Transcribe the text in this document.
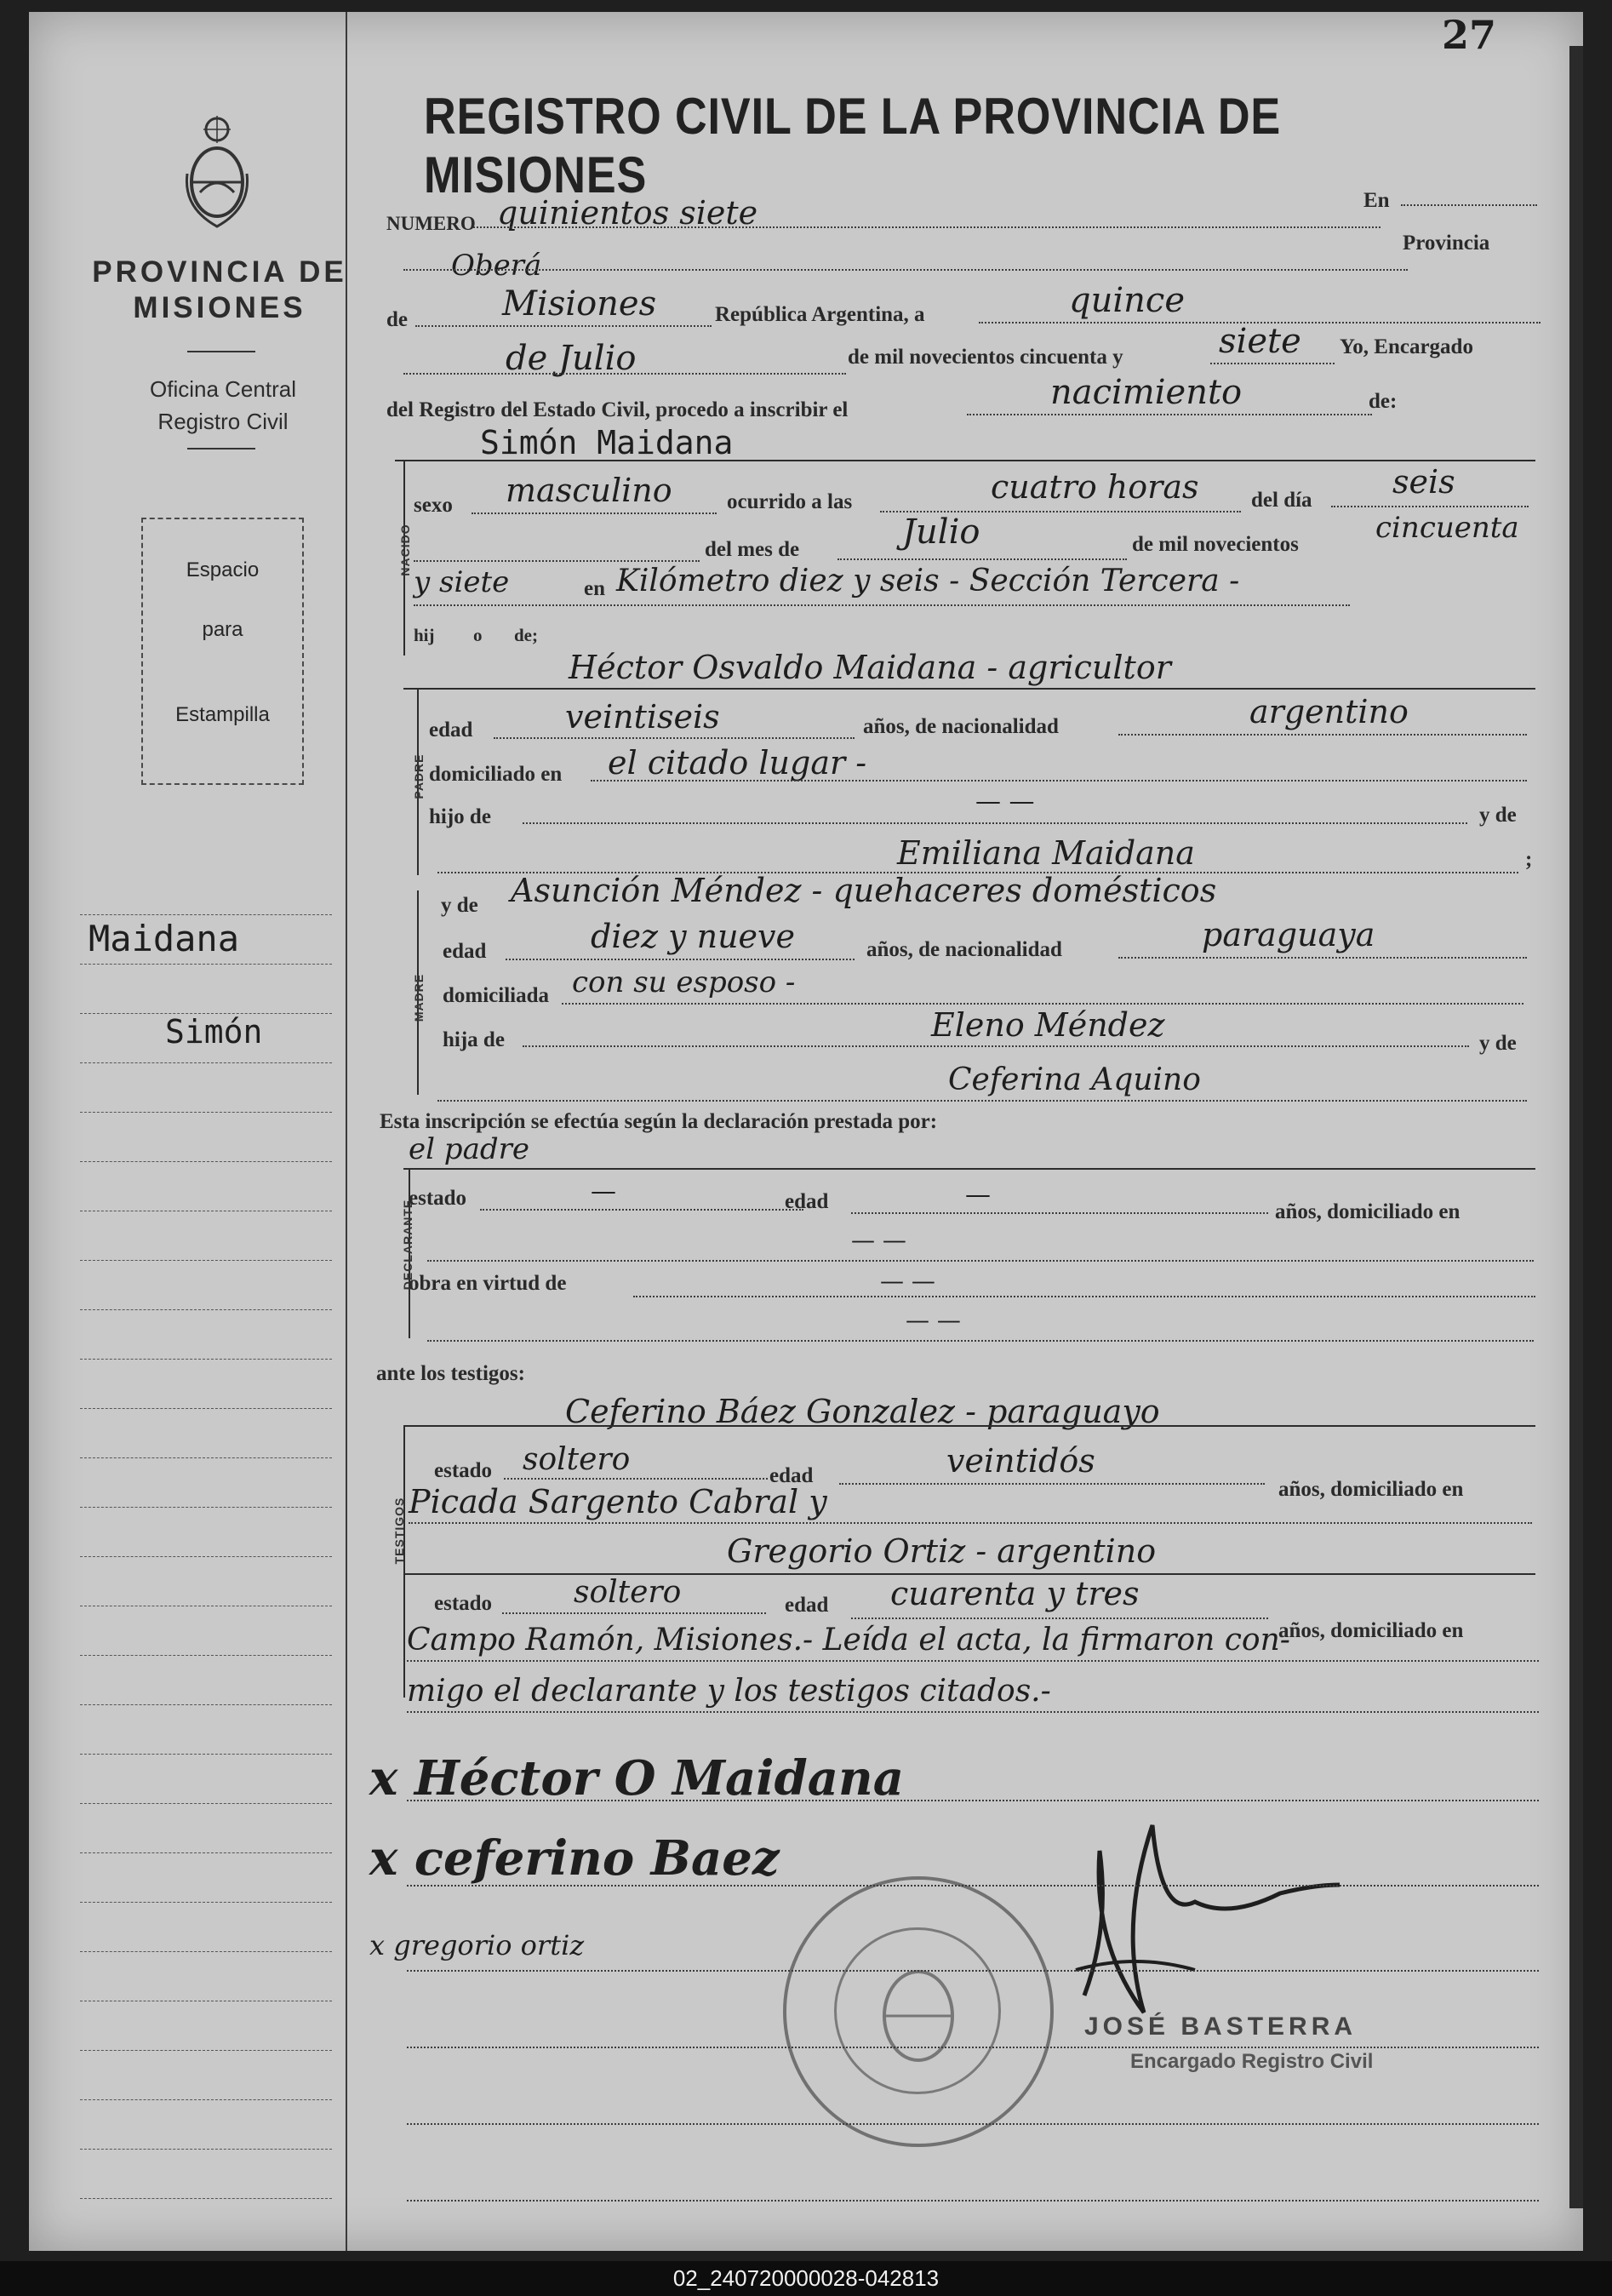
27
PROVINCIA DE
MISIONES
Oficina Central
Registro Civil
Espacio
para
Estampilla
Maidana
Simón
REGISTRO CIVIL DE LA PROVINCIA DE MISIONES
NUMERO quinientos siete	En
Oberá
Provincia
de	Misiones	República Argentina, a	quince
de Julio	de mil novecientos cincuenta y	siete Yo, Encargado
del Registro del Estado Civil, procedo a inscribir el	nacimiento	de:
Simón Maidana
NACIDO
sexo masculino	ocurrido a las	cuatro horas del día seis
del mes de	Julio	de mil novecientos	cincuenta
y siete	en Kilómetro diez y seis - Sección Tercera -
hij o de;
Héctor Osvaldo Maidana - agricultor
PADRE
edad	veintiseis	años, de nacionalidad	argentino
domiciliado en el citado lugar -
hijo de
— —	y de
Emiliana Maidana	;
y de Asunción Méndez - quehaceres domésticos
MADRE
edad	diez y nueve	años, de nacionalidad	paraguaya
domiciliada con su esposo -
hija de	Eleno Méndez	y de
Ceferina Aquino
Esta inscripción se efectúa según la declaración prestada por:
el padre
DECLARANTE
estado	—	edad	—
años, domiciliado en
— —
obra en virtud de	— —
— —
ante los testigos:
Ceferino Báez Gonzalez - paraguayo
TESTIGOS
estado soltero	edad	veintidós
años, domiciliado en
Picada Sargento Cabral y
Gregorio Ortiz - argentino
estado	soltero	edad cuarenta y tres
años, domiciliado en
Campo Ramón, Misiones.- Leída el acta, la firmaron con-
migo el declarante y los testigos citados.-
x Héctor O Maidana
x ceferino Baez
x gregorio ortiz
JOSÉ BASTERRA
Encargado Registro Civil
02_240720000028-042813
